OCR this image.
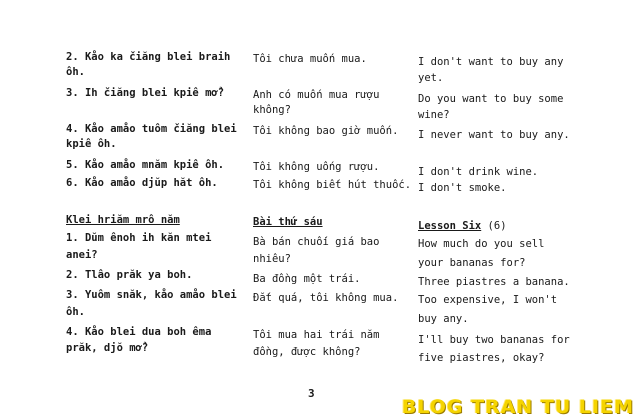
2. Kåo ka čiăng blei braih
ôh.
3. Ih čiăng blei kpiê mở?
4. Kåo amåo tuôm čiăng blei
kpiê ôh.
5. Kåo amåo mnăm kpiê ôh.
6. Kåo amåo djŭp hăt ôh.
Tôi chưa muốn mua.
Anh có muốn mua rượu
không?
Tôi không bao giờ muốn.
Tôi không uống rượu.
Tôi không biết hút thuốc.
I don't want to buy any
yet.
Do you want to buy some
wine?
I never want to buy any.
I don't drink wine.
I don't smoke.
Klei hriăm mrô năm
1. Dŭm ênoh ih kăn mtei
anei?
2. Tlâo prăk ya boh.
3. Yuôm snăk, kåo amåo blei
ôh.
4. Kåo blei dua boh êma
prăk, djŏ mở?
Bài thứ sáu
Bà bán chuối giá bao
nhiêu?
Ba đồng một trái.
Đắt quá, tôi không mua.
Tôi mua hai trái năm
đồng, được không?
Lesson Six (6)
How much do you sell
your bananas for?
Three piastres a banana.
Too expensive, I won't
buy any.
I'll buy two bananas for
five piastres, okay?
3
BLOG TRAN TU LIEM
